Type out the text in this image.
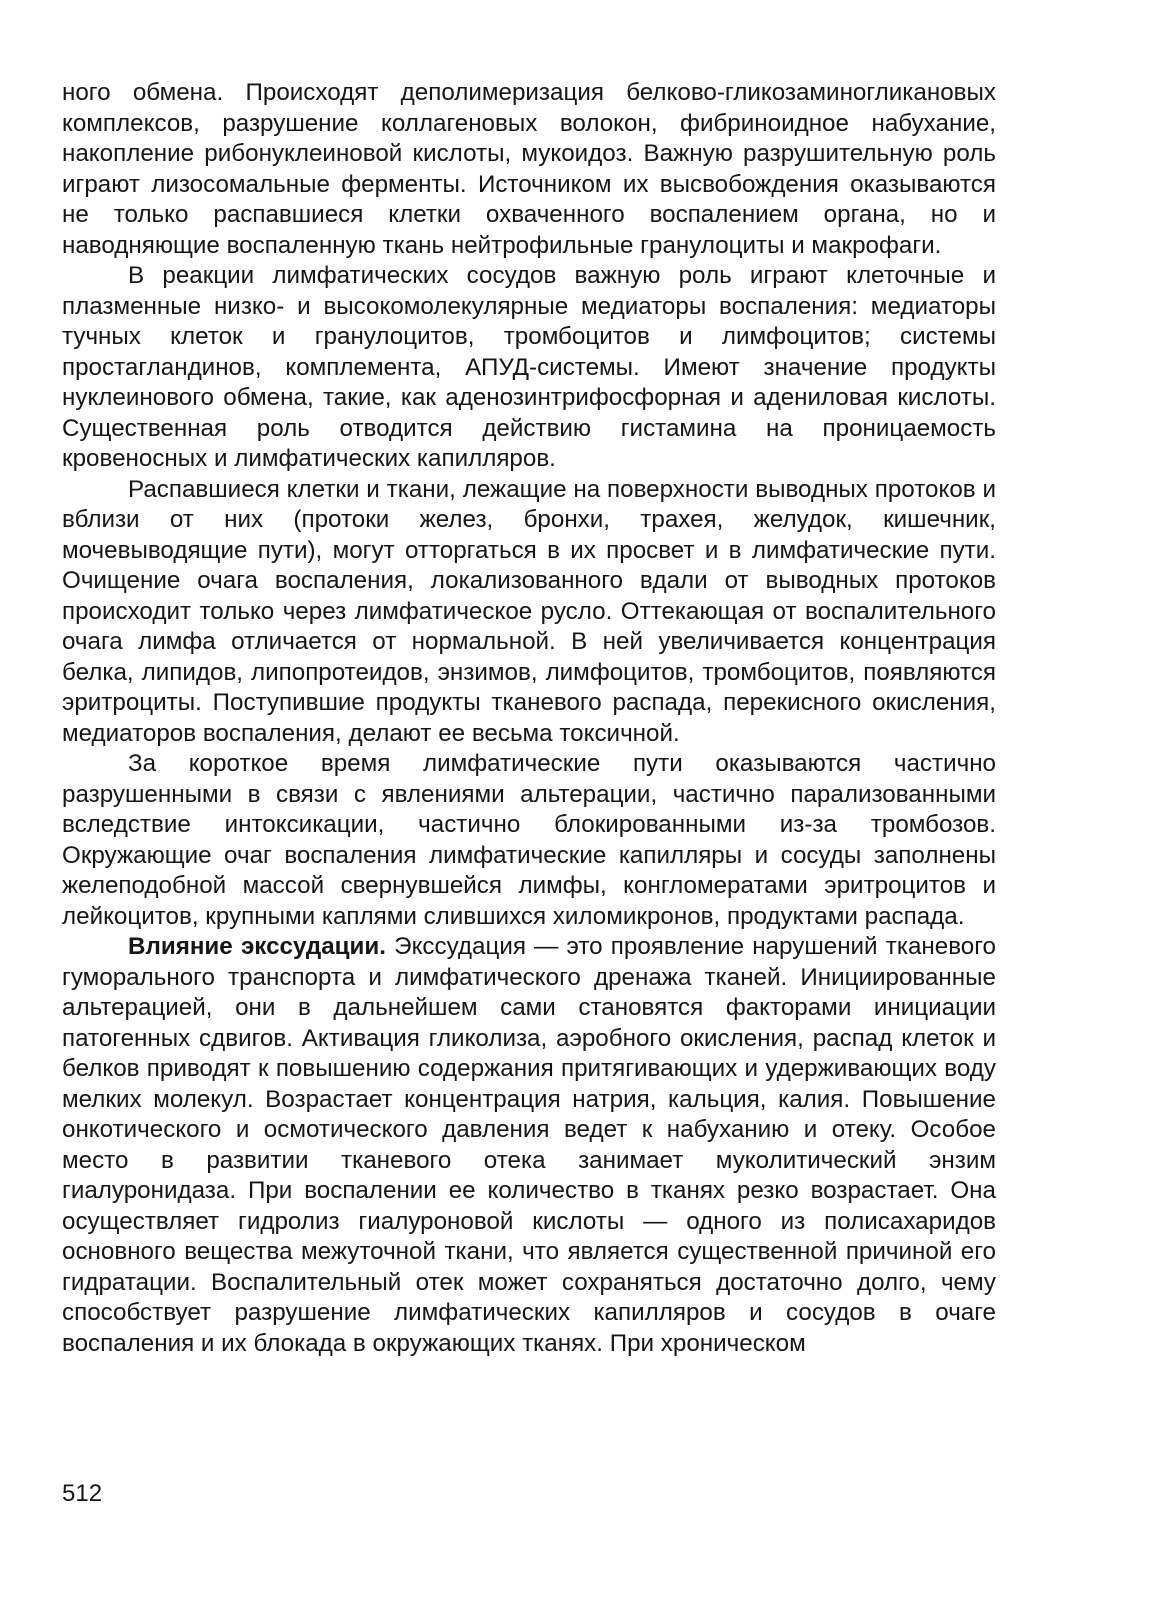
ного обмена. Происходят деполимеризация белково-гликозаминогликановых комплексов, разрушение коллагеновых волокон, фибриноидное набухание, накопление рибонуклеиновой кислоты, мукоидоз. Важную разрушительную роль играют лизосомальные ферменты. Источником их высвобождения оказываются не только распавшиеся клетки охваченного воспалением органа, но и наводняющие воспаленную ткань нейтрофильные гранулоциты и макрофаги.

В реакции лимфатических сосудов важную роль играют клеточные и плазменные низко- и высокомолекулярные медиаторы воспаления: медиаторы тучных клеток и гранулоцитов, тромбоцитов и лимфоцитов; системы простагландинов, комплемента, АПУД-системы. Имеют значение продукты нуклеинового обмена, такие, как аденозинтрифосфорная и адениловая кислоты. Существенная роль отводится действию гистамина на проницаемость кровеносных и лимфатических капилляров.

Распавшиеся клетки и ткани, лежащие на поверхности выводных протоков и вблизи от них (протоки желез, бронхи, трахея, желудок, кишечник, мочевыводящие пути), могут отторгаться в их просвет и в лимфатические пути. Очищение очага воспаления, локализованного вдали от выводных протоков происходит только через лимфатическое русло. Оттекающая от воспалительного очага лимфа отличается от нормальной. В ней увеличивается концентрация белка, липидов, липопротеидов, энзимов, лимфоцитов, тромбоцитов, появляются эритроциты. Поступившие продукты тканевого распада, перекисного окисления, медиаторов воспаления, делают ее весьма токсичной.

За короткое время лимфатические пути оказываются частично разрушенными в связи с явлениями альтерации, частично парализованными вследствие интоксикации, частично блокированными из-за тромбозов. Окружающие очаг воспаления лимфатические капилляры и сосуды заполнены желеподобной массой свернувшейся лимфы, конгломератами эритроцитов и лейкоцитов, крупными каплями слившихся хиломикронов, продуктами распада.

Влияние экссудации. Экссудация — это проявление нарушений тканевого гуморального транспорта и лимфатического дренажа тканей. Инициированные альтерацией, они в дальнейшем сами становятся факторами инициации патогенных сдвигов. Активация гликолиза, аэробного окисления, распад клеток и белков приводят к повышению содержания притягивающих и удерживающих воду мелких молекул. Возрастает концентрация натрия, кальция, калия. Повышение онкотического и осмотического давления ведет к набуханию и отеку. Особое место в развитии тканевого отека занимает муколитический энзим гиалуронидаза. При воспалении ее количество в тканях резко возрастает. Она осуществляет гидролиз гиалуроновой кислоты — одного из полисахаридов основного вещества межуточной ткани, что является существенной причиной его гидратации. Воспалительный отек может сохраняться достаточно долго, чему способствует разрушение лимфатических капилляров и сосудов в очаге воспаления и их блокада в окружающих тканях. При хроническом

512
